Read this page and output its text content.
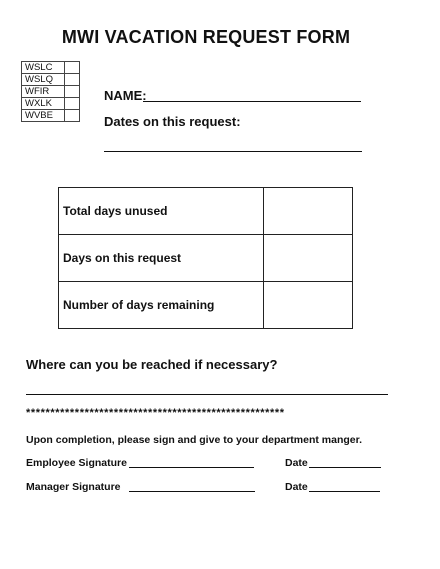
MWI VACATION REQUEST FORM
WSLC	
WSLQ	
WFIR	
WXLK	
WVBE	
NAME:
Dates on this request:
Total days unused	
Days on this request	
Number of days remaining	
Where can you be reached if necessary?
*****************************************************
Upon completion, please sign and give to your department manger.
Employee Signature	Date
Manager Signature	Date
